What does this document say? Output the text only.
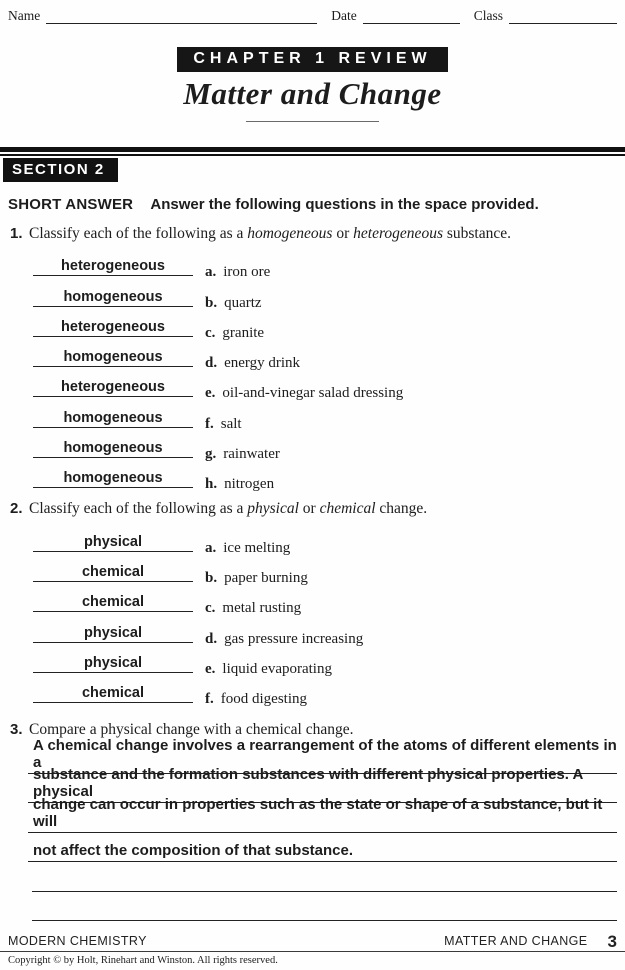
Name	Date	Class
CHAPTER 1 REVIEW
Matter and Change
SECTION 2
SHORT ANSWER Answer the following questions in the space provided.
1. Classify each of the following as a homogeneous or heterogeneous substance.
heterogeneous	a. iron ore
homogeneous	b. quartz
heterogeneous	c. granite
homogeneous	d. energy drink
heterogeneous	e. oil-and-vinegar salad dressing
homogeneous	f. salt
homogeneous	g. rainwater
homogeneous	h. nitrogen
2. Classify each of the following as a physical or chemical change.
physical	a. ice melting
chemical	b. paper burning
chemical	c. metal rusting
physical	d. gas pressure increasing
physical	e. liquid evaporating
chemical	f. food digesting
3. Compare a physical change with a chemical change.
A chemical change involves a rearrangement of the atoms of different elements in a
substance and the formation substances with different physical properties. A physical
change can occur in properties such as the state or shape of a substance, but it will
not affect the composition of that substance.
MODERN CHEMISTRY	MATTER AND CHANGE 3
Copyright © by Holt, Rinehart and Winston. All rights reserved.
